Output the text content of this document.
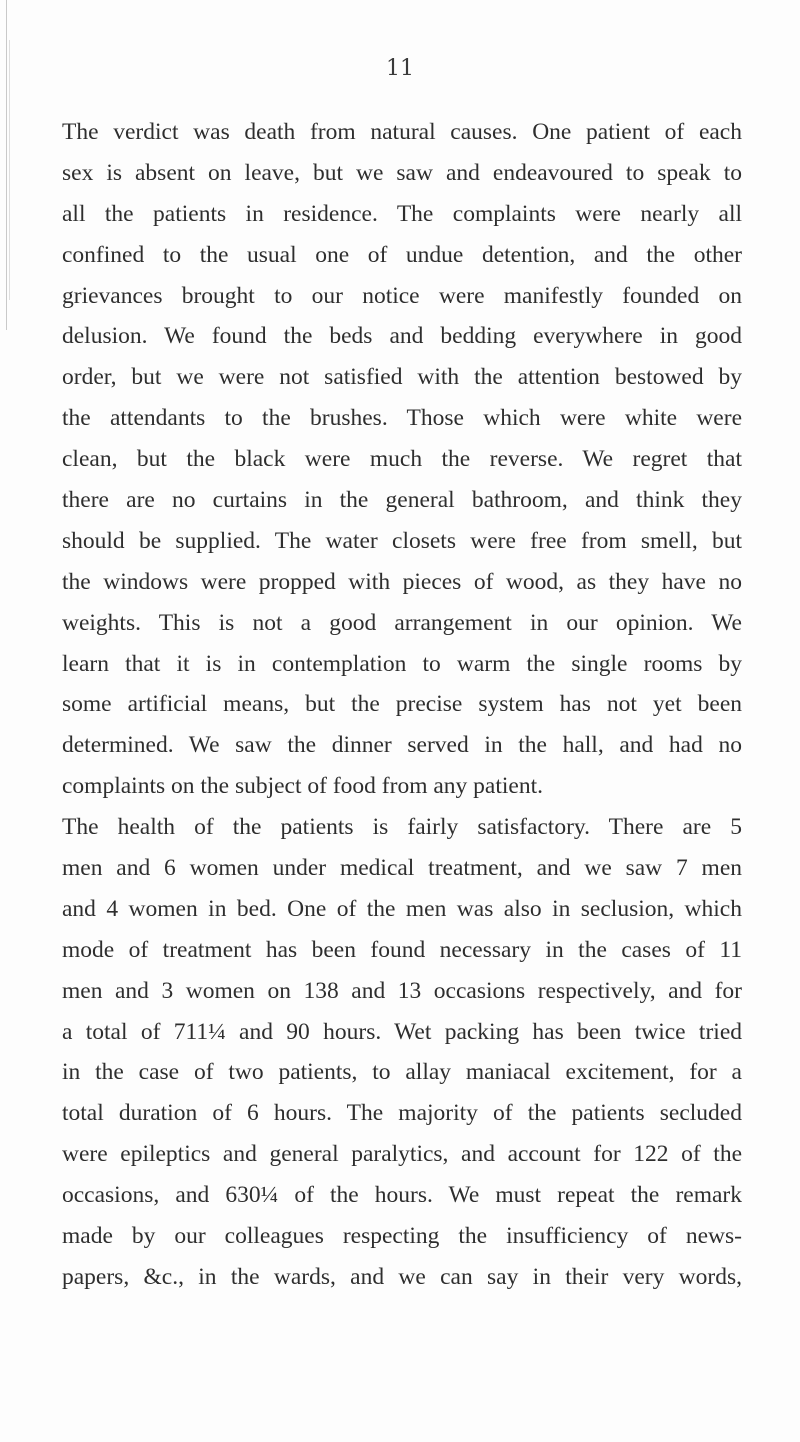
11
The verdict was death from natural causes. One patient of each
sex is absent on leave, but we saw and endeavoured to speak to
all the patients in residence. The complaints were nearly all
confined to the usual one of undue detention, and the other
grievances brought to our notice were manifestly founded on
delusion. We found the beds and bedding everywhere in good
order, but we were not satisfied with the attention bestowed by
the attendants to the brushes. Those which were white were
clean, but the black were much the reverse. We regret that
there are no curtains in the general bathroom, and think they
should be supplied. The water closets were free from smell, but
the windows were propped with pieces of wood, as they have no
weights. This is not a good arrangement in our opinion. We
learn that it is in contemplation to warm the single rooms by
some artificial means, but the precise system has not yet been
determined. We saw the dinner served in the hall, and had no
complaints on the subject of food from any patient.
The health of the patients is fairly satisfactory. There are 5
men and 6 women under medical treatment, and we saw 7 men
and 4 women in bed. One of the men was also in seclusion, which
mode of treatment has been found necessary in the cases of 11
men and 3 women on 138 and 13 occasions respectively, and for
a total of 711¼ and 90 hours. Wet packing has been twice tried
in the case of two patients, to allay maniacal excitement, for a
total duration of 6 hours. The majority of the patients secluded
were epileptics and general paralytics, and account for 122 of the
occasions, and 630¼ of the hours. We must repeat the remark
made by our colleagues respecting the insufficiency of news-
papers, &c., in the wards, and we can say in their very words,
